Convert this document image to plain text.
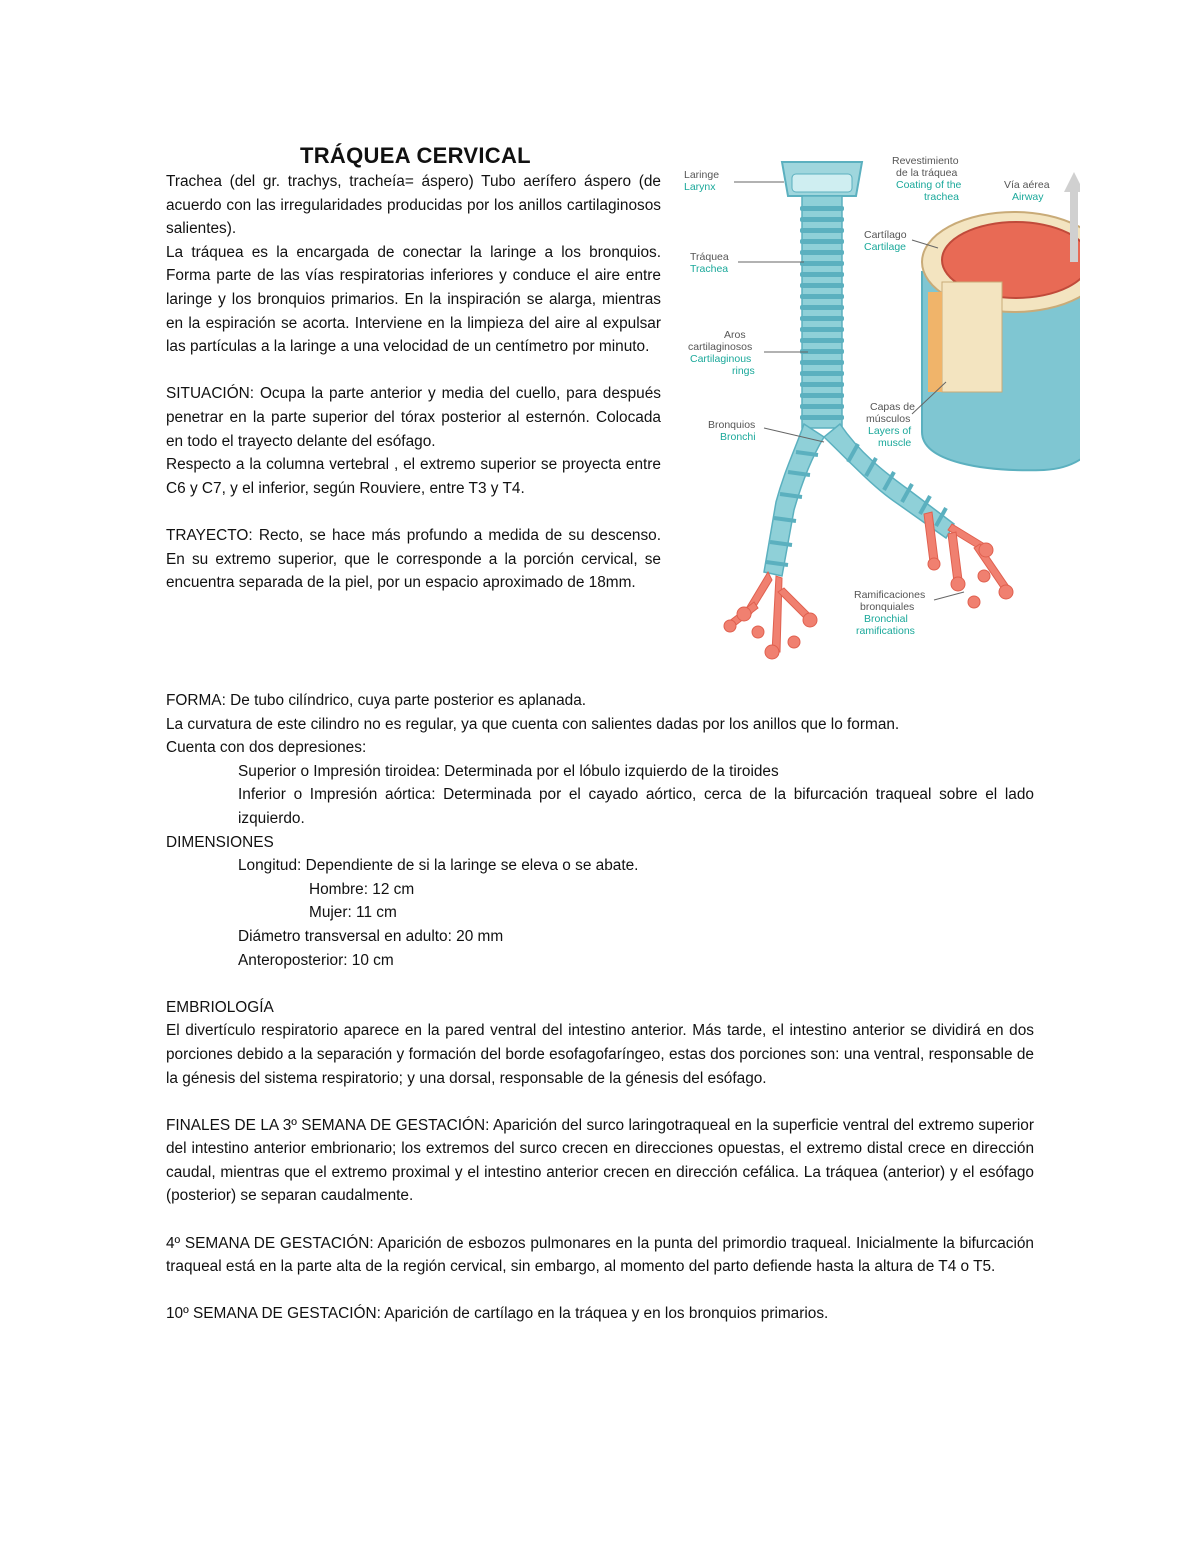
TRÁQUEA CERVICAL

Trachea (del gr. trachys, tracheía= áspero) Tubo aerífero áspero (de acuerdo con las irregularidades producidas por los anillos cartilaginosos salientes).

La tráquea es la encargada de conectar la laringe a los bronquios. Forma parte de las vías respiratorias inferiores y conduce el aire entre laringe y los bronquios primarios. En la inspiración se alarga, mientras en la espiración se acorta. Interviene en la limpieza del aire al expulsar las partículas a la laringe a una velocidad de un centímetro por minuto.

SITUACIÓN: Ocupa la parte anterior y media del cuello, para después penetrar en la parte superior del tórax posterior al esternón. Colocada en todo el trayecto delante del esófago.

Respecto a la columna vertebral , el extremo superior se proyecta entre C6 y C7, y el inferior, según Rouviere, entre T3 y T4.

TRAYECTO: Recto, se hace más profundo a medida de su descenso. En su extremo superior, que le corresponde a la porción cervical, se encuentra separada de la piel, por un espacio aproximado de 18mm.

FORMA: De tubo cilíndrico, cuya parte posterior es aplanada.

La curvatura de este cilindro no es regular, ya que cuenta con salientes dadas por los anillos que lo forman.

Cuenta con dos depresiones:

Superior o Impresión tiroidea: Determinada por el lóbulo izquierdo de la tiroides

Inferior o Impresión aórtica: Determinada por el cayado aórtico, cerca de la bifurcación traqueal sobre el lado izquierdo.

DIMENSIONES

Longitud: Dependiente de si la laringe se eleva o se abate.

Hombre: 12 cm

Mujer: 11 cm

Diámetro transversal en adulto: 20 mm

Anteroposterior: 10 cm

EMBRIOLOGÍA

El divertículo respiratorio aparece en la pared ventral del intestino anterior. Más tarde, el intestino anterior se dividirá en dos porciones debido a la separación y formación del borde esofagofaríngeo, estas dos porciones son: una ventral, responsable de la génesis del sistema respiratorio; y una dorsal, responsable de la génesis del esófago.

FINALES DE LA 3º SEMANA DE GESTACIÓN: Aparición del surco laringotraqueal en la superficie ventral del extremo superior del intestino anterior embrionario; los extremos del surco crecen en direcciones opuestas, el extremo distal crece en dirección caudal, mientras que el extremo proximal y el intestino anterior crecen en dirección cefálica. La tráquea (anterior) y el esófago (posterior) se separan caudalmente.

4º SEMANA DE GESTACIÓN: Aparición de esbozos pulmonares en la punta del primordio traqueal. Inicialmente la bifurcación traqueal está en la parte alta de la región cervical, sin embargo, al momento del parto defiende hasta la altura de T4 o T5.

10º SEMANA DE GESTACIÓN: Aparición de cartílago en la tráquea y en los bronquios primarios.

Laringe
Larynx
Tráquea
Trachea
Aros
cartilaginosos
Cartilaginous
rings
Bronquios
Bronchi
Revestimiento
de la tráquea
Coating of the
trachea
Vía aérea
Airway
Cartílago
Cartilage
Capas de
músculos
Layers of
muscle
Ramificaciones
bronquiales
Bronchial
ramifications
